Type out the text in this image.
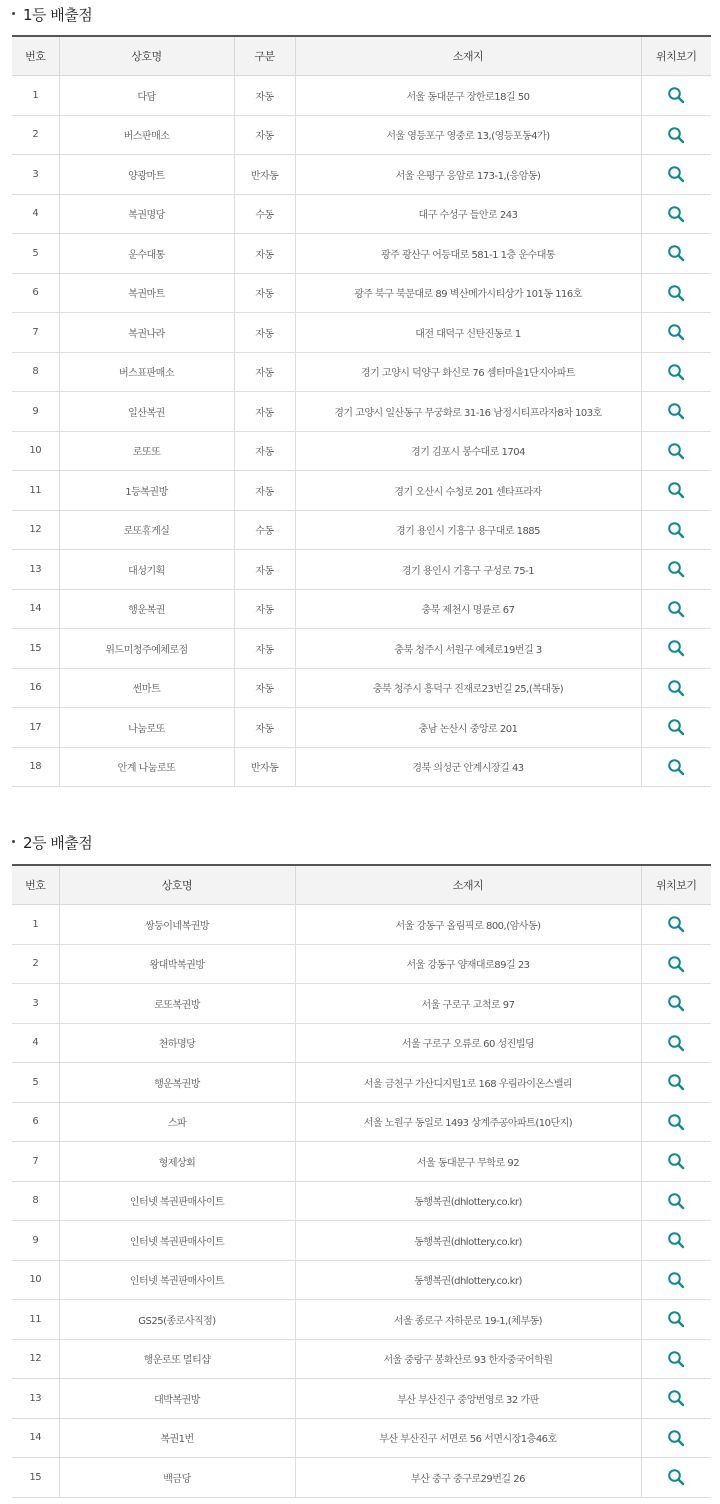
1등 배출점
번호	상호명	구분	소재지	위치보기
1	다담	자동	서울 동대문구 장한로18길 50	
2	버스판매소	자동	서울 영등포구 영중로 13,(영등포동4가)	
3	양광마트	반자동	서울 은평구 응암로 173-1,(응암동)	
4	복권명당	수동	대구 수성구 들안로 243	
5	운수대통	자동	광주 광산구 어등대로 581-1 1층 운수대통	
6	복권마트	자동	광주 북구 북문대로 89 벽산메가시티상가 101동 116호	
7	복권나라	자동	대전 대덕구 신탄진동로 1	
8	버스표판매소	자동	경기 고양시 덕양구 화신로 76 셈터마을1단지아파트	
9	일산복권	자동	경기 고양시 일산동구 무궁화로 31-16 남정시티프라자8차 103호	
10	로또또	자동	경기 김포시 봉수대로 1704	
11	1등복권방	자동	경기 오산시 수청로 201 센타프라자	
12	로또휴게실	수동	경기 용인시 기흥구 용구대로 1885	
13	대성기획	자동	경기 용인시 기흥구 구성로 75-1	
14	행운복권	자동	충북 제천시 명륜로 67	
15	위드미청주예체로점	자동	충북 청주시 서원구 예체로19번길 3	
16	썬마트	자동	충북 청주시 흥덕구 진재로23번길 25,(복대동)	
17	나눔로또	자동	충남 논산시 중앙로 201	
18	안계 나눔로또	반자동	경북 의성군 안계시장길 43	
2등 배출점
번호	상호명	소재지	위치보기
1	쌍둥이네복권방	서울 강동구 올림픽로 800,(암사동)	
2	왕대박복권방	서울 강동구 양재대로89길 23	
3	로또복권방	서울 구로구 고척로 97	
4	천하명당	서울 구로구 오류로 60 성진빌딩	
5	행운복권방	서울 금천구 가산디지털1로 168 우림라이온스밸리	
6	스파	서울 노원구 동일로 1493 상계주공아파트(10단지)	
7	형제상회	서울 동대문구 무학로 92	
8	인터넷 복권판매사이트	동행복권(dhlottery.co.kr)	
9	인터넷 복권판매사이트	동행복권(dhlottery.co.kr)	
10	인터넷 복권판매사이트	동행복권(dhlottery.co.kr)	
11	GS25(종로사직점)	서울 종로구 자하문로 19-1,(체부동)	
12	행운로또 멀티샵	서울 중랑구 봉화산로 93 한자중국어학원	
13	대박복권방	부산 부산진구 중앙번영로 32 가판	
14	복권1번	부산 부산진구 서면로 56 서면시장1층46호	
15	백금당	부산 중구 중구로29번길 26	
